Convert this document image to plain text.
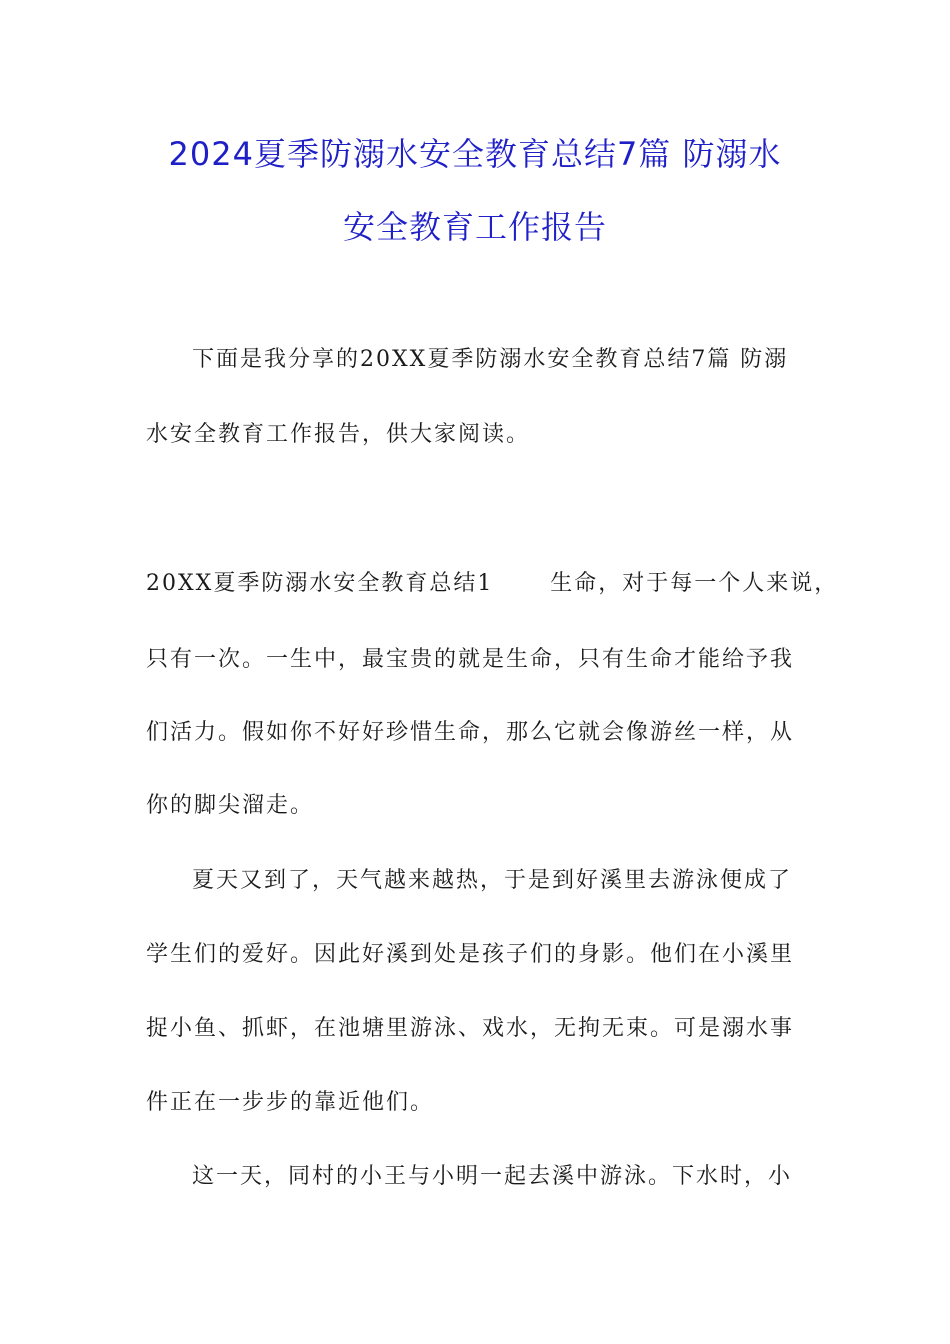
2024夏季防溺水安全教育总结7篇 防溺水
安全教育工作报告
下面是我分享的20XX夏季防溺水安全教育总结7篇 防溺
水安全教育工作报告，供大家阅读。
20XX夏季防溺水安全教育总结1　　 生命，对于每一个人来说，
只有一次。一生中，最宝贵的就是生命，只有生命才能给予我
们活力。假如你不好好珍惜生命，那么它就会像游丝一样，从
你的脚尖溜走。
夏天又到了，天气越来越热，于是到好溪里去游泳便成了
学生们的爱好。因此好溪到处是孩子们的身影。他们在小溪里
捉小鱼、抓虾，在池塘里游泳、戏水，无拘无束。可是溺水事
件正在一步步的靠近他们。
这一天，同村的小王与小明一起去溪中游泳。下水时，小
